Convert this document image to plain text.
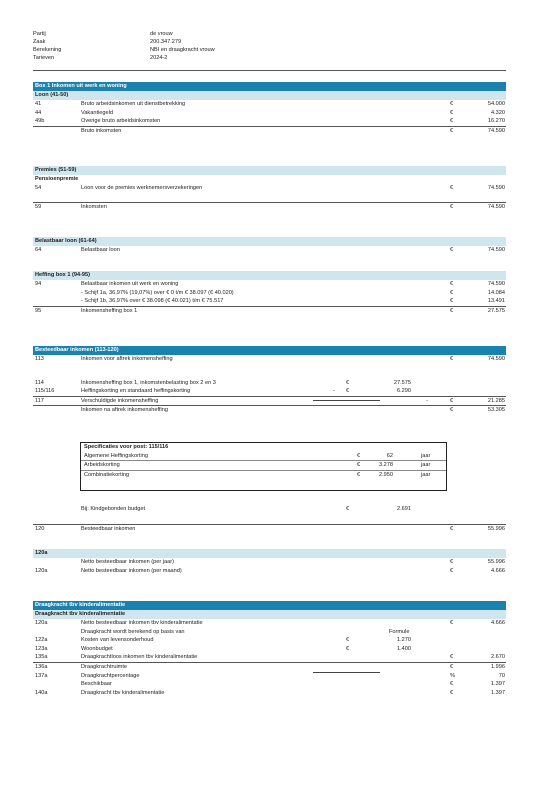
Partij	de vrouw
Zaak	200.347.279
Berekening	NBI en draagkracht vrouw
Tarieven	2024-2
Box 1 Inkomen uit werk en woning
Loon (41-50)
41	Bruto arbeidsinkomen uit dienstbetrekking	€	54.000
44	Vakantiegeld	€	4.320
49b	Overige bruto arbeidsinkomsten	€	16.270
Bruto inkomsten	€	74.590
Premies (51-59)
Pensioenpremie
54	Loon voor de premies werknemersverzekeringen	€	74.590
59	Inkomsten	€	74.590
Belastbaar loon (61-64)
64	Belastbaar loon	€	74.590
Heffing box 1 (94-95)
94	Belastbaar inkomen uit werk en woning	€	74.590
- Schijf 1a, 36,97% (19,07%) over € 0 t/m € 38.097 (€ 40.020)	€	14.084
- Schijf 1b, 36,97% over € 38.098 (€ 40.021) t/m € 75.517	€	13.491
95	Inkomensheffing box 1	€	27.575
Besteedbaar inkomen (113-120)
113	Inkomen voor aftrek inkomensheffing	€	74.590
114	Inkomensheffing box 1, inkomstenbelasting box 2 en 3	€	27.575
115/116	Heffingskorting en standaard heffingskorting	- €	6.290
117	Verschuldigde inkomensheffing	-	€	21.285
Inkomen na aftrek inkomensheffing	€	53.305
Specificaties voor post: 115/116
Algemene Heffingskorting	€	62	jaar
Arbeidskorting	€	3.278	jaar
Combinatiekorting	€	2.950	jaar
Bij: Kindgebonden budget	€	2.691
120	Besteedbaar inkomen	€	55.996
120a
Netto besteedbaar inkomen (per jaar)	€	55.996
120a	Netto besteedbaar inkomen (per maand)	€	4.666
Draagkracht tbv kinderalimentatie
Draagkracht tbv kinderalimentatie
120a	Netto besteedbaar inkomen tbv kinderalimentatie	€	4.666
Draagkracht wordt berekend op basis van	Formule
122a	Kosten van levensonderhoud	€	1.270
123a	Woonbudget	€	1.400
135a	Draagkrachtloos inkomen tbv kinderalimentatie	€	2.670
136a	Draagkrachtruimte	€	1.996
137a	Draagkrachtpercentage	%	70
Beschikbaar	€	1.397
140a	Draagkracht tbv kinderalimentatie	€	1.397
